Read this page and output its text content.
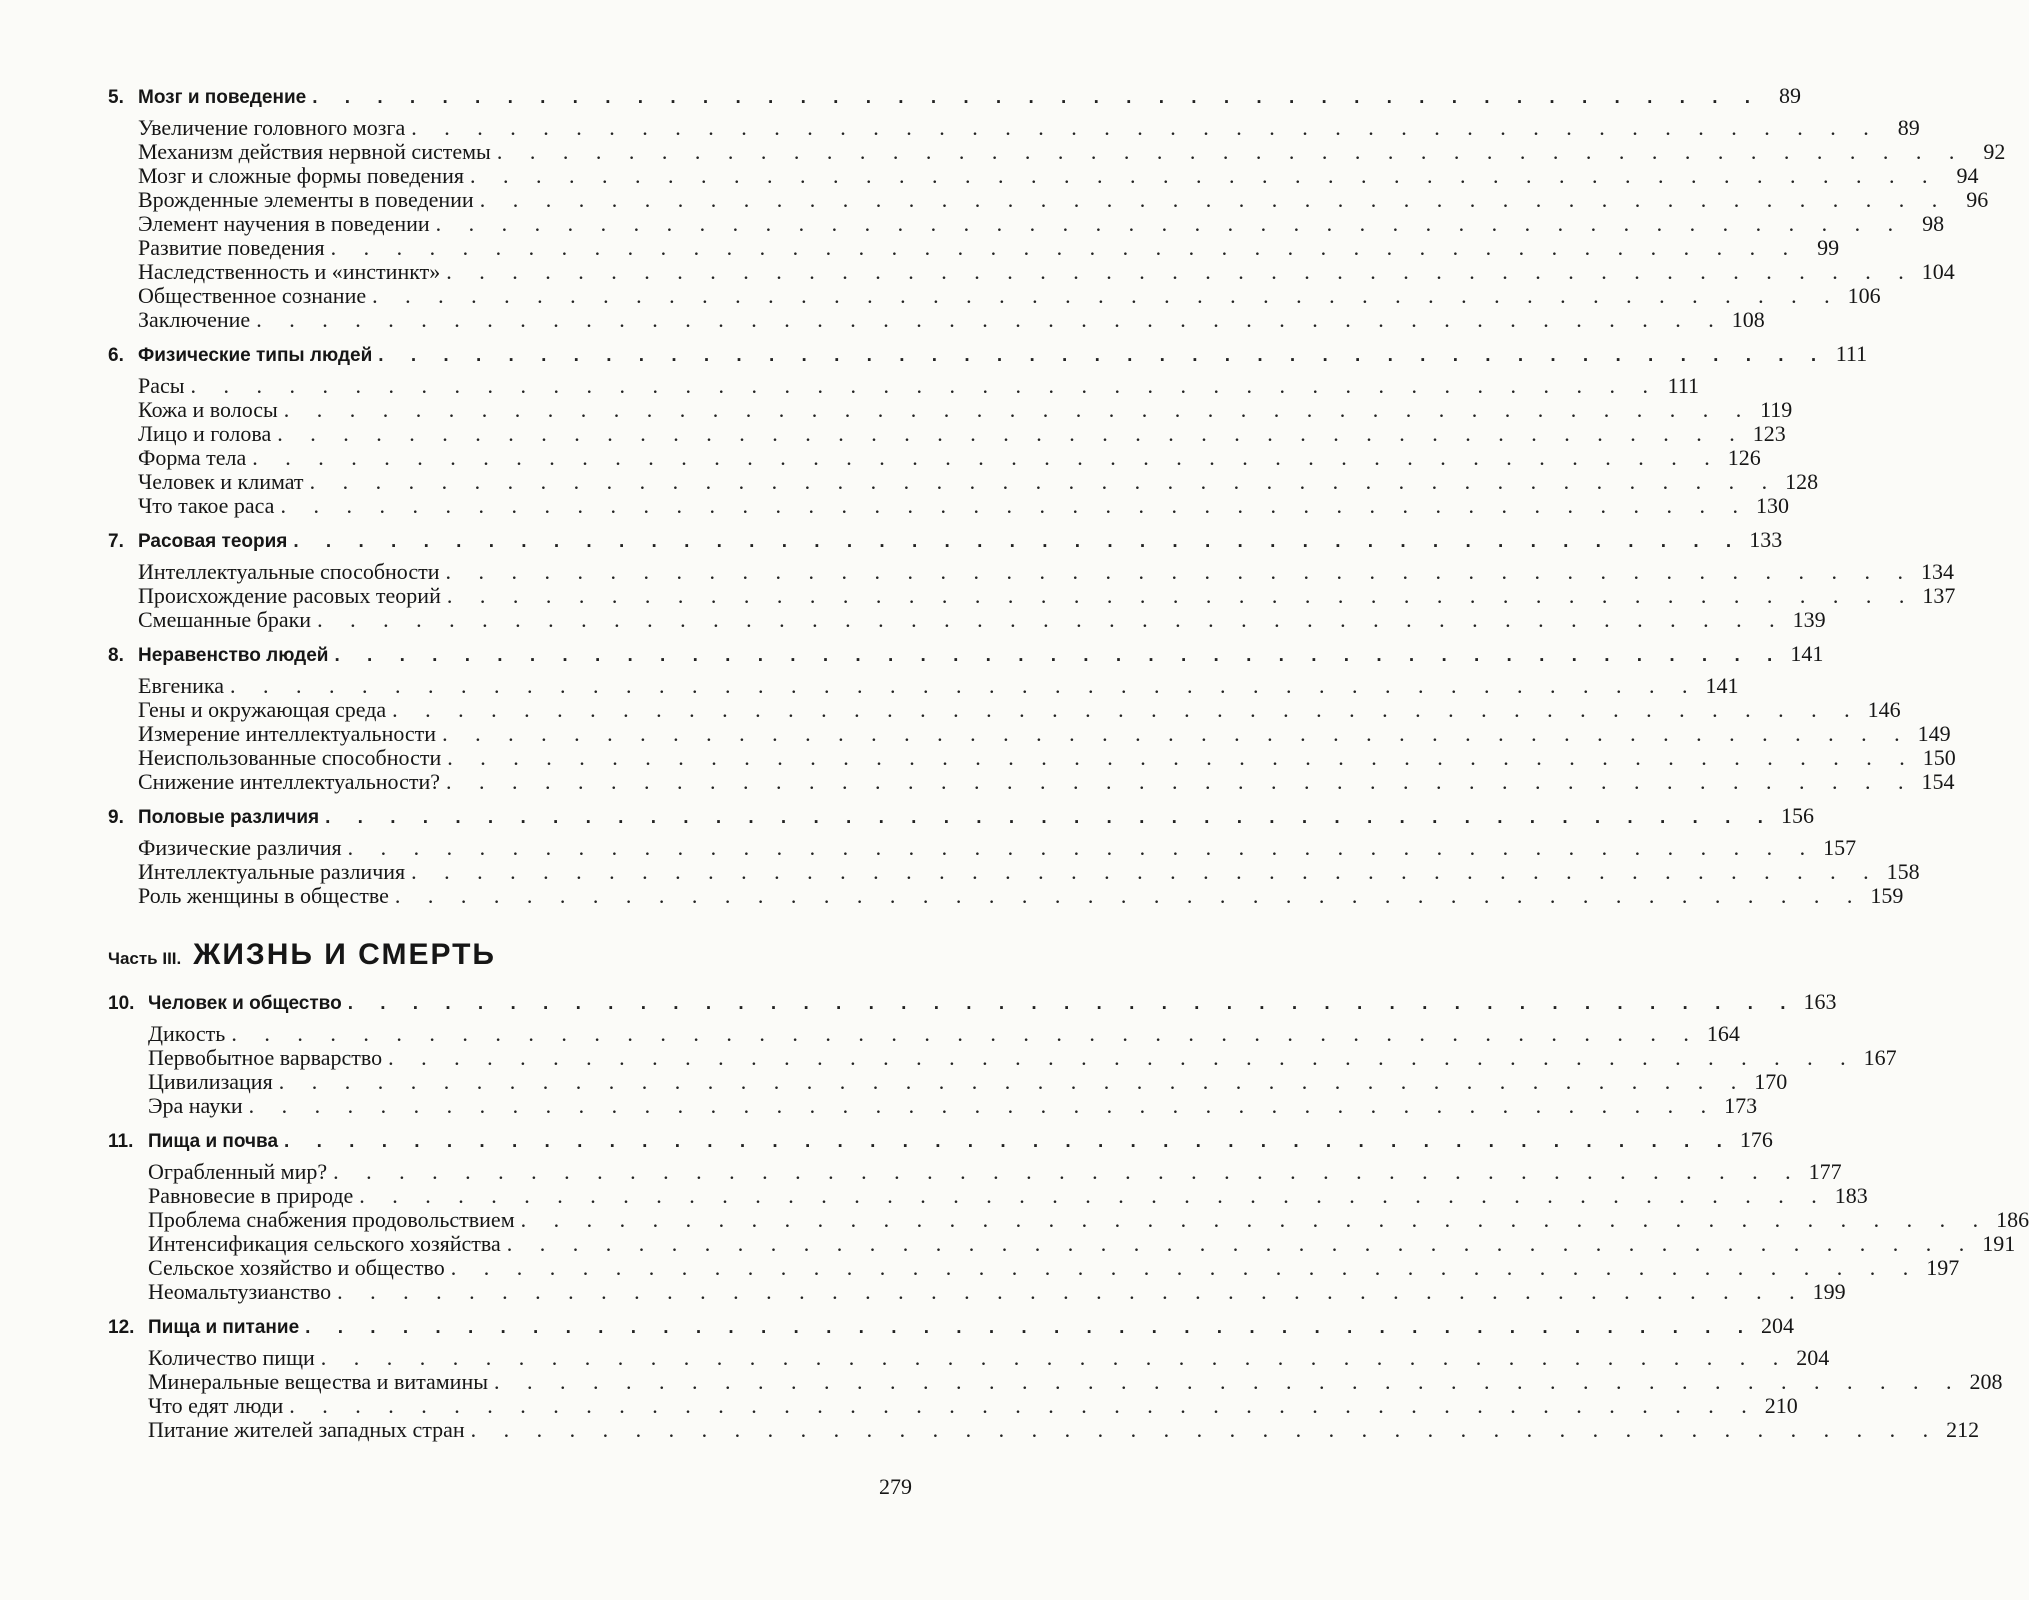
5. Мозг и поведение . . . . . . . . . . . . . . . . . . . . . . . . . . . . . . . . . . . . . . . . . . . . . 89
Увеличение головного мозга . . . . . . . . . . . . . . . . . . . . . . . . . . . . . . . . . . . . . . . . . . . . . 89
Механизм действия нервной системы . . . . . . . . . . . . . . . . . . . . . . . . . . . . . . . . . . . . . . . . . . . . . 92
Мозг и сложные формы поведения . . . . . . . . . . . . . . . . . . . . . . . . . . . . . . . . . . . . . . . . . . . . . 94
Врожденные элементы в поведении . . . . . . . . . . . . . . . . . . . . . . . . . . . . . . . . . . . . . . . . . . . . . 96
Элемент научения в поведении . . . . . . . . . . . . . . . . . . . . . . . . . . . . . . . . . . . . . . . . . . . . . 98
Развитие поведения . . . . . . . . . . . . . . . . . . . . . . . . . . . . . . . . . . . . . . . . . . . . . 99
Наследственность и «инстинкт» . . . . . . . . . . . . . . . . . . . . . . . . . . . . . . . . . . . . . . . . . . . . . 104
Общественное сознание . . . . . . . . . . . . . . . . . . . . . . . . . . . . . . . . . . . . . . . . . . . . . 106
Заключение . . . . . . . . . . . . . . . . . . . . . . . . . . . . . . . . . . . . . . . . . . . . . 108
6. Физические типы людей . . . . . . . . . . . . . . . . . . . . . . . . . . . . . . . . . . . . . . . . . . . . . 111
Расы . . . . . . . . . . . . . . . . . . . . . . . . . . . . . . . . . . . . . . . . . . . . . 111
Кожа и волосы . . . . . . . . . . . . . . . . . . . . . . . . . . . . . . . . . . . . . . . . . . . . . 119
Лицо и голова . . . . . . . . . . . . . . . . . . . . . . . . . . . . . . . . . . . . . . . . . . . . . 123
Форма тела . . . . . . . . . . . . . . . . . . . . . . . . . . . . . . . . . . . . . . . . . . . . . 126
Человек и климат . . . . . . . . . . . . . . . . . . . . . . . . . . . . . . . . . . . . . . . . . . . . . 128
Что такое раса . . . . . . . . . . . . . . . . . . . . . . . . . . . . . . . . . . . . . . . . . . . . . 130
7. Расовая теория . . . . . . . . . . . . . . . . . . . . . . . . . . . . . . . . . . . . . . . . . . . . . 133
Интеллектуальные способности . . . . . . . . . . . . . . . . . . . . . . . . . . . . . . . . . . . . . . . . . . . . . 134
Происхождение расовых теорий . . . . . . . . . . . . . . . . . . . . . . . . . . . . . . . . . . . . . . . . . . . . . 137
Смешанные браки . . . . . . . . . . . . . . . . . . . . . . . . . . . . . . . . . . . . . . . . . . . . . 139
8. Неравенство людей . . . . . . . . . . . . . . . . . . . . . . . . . . . . . . . . . . . . . . . . . . . . . 141
Евгеника . . . . . . . . . . . . . . . . . . . . . . . . . . . . . . . . . . . . . . . . . . . . . 141
Гены и окружающая среда . . . . . . . . . . . . . . . . . . . . . . . . . . . . . . . . . . . . . . . . . . . . . 146
Измерение интеллектуальности . . . . . . . . . . . . . . . . . . . . . . . . . . . . . . . . . . . . . . . . . . . . . 149
Неиспользованные способности . . . . . . . . . . . . . . . . . . . . . . . . . . . . . . . . . . . . . . . . . . . . . 150
Снижение интеллектуальности? . . . . . . . . . . . . . . . . . . . . . . . . . . . . . . . . . . . . . . . . . . . . . 154
9. Половые различия . . . . . . . . . . . . . . . . . . . . . . . . . . . . . . . . . . . . . . . . . . . . . 156
Физические различия . . . . . . . . . . . . . . . . . . . . . . . . . . . . . . . . . . . . . . . . . . . . . 157
Интеллектуальные различия . . . . . . . . . . . . . . . . . . . . . . . . . . . . . . . . . . . . . . . . . . . . . 158
Роль женщины в обществе . . . . . . . . . . . . . . . . . . . . . . . . . . . . . . . . . . . . . . . . . . . . . 159
Часть III. ЖИЗНЬ И СМЕРТЬ
10. Человек и общество . . . . . . . . . . . . . . . . . . . . . . . . . . . . . . . . . . . . . . . . . . . . . 163
Дикость . . . . . . . . . . . . . . . . . . . . . . . . . . . . . . . . . . . . . . . . . . . . . 164
Первобытное варварство . . . . . . . . . . . . . . . . . . . . . . . . . . . . . . . . . . . . . . . . . . . . . 167
Цивилизация . . . . . . . . . . . . . . . . . . . . . . . . . . . . . . . . . . . . . . . . . . . . . 170
Эра науки . . . . . . . . . . . . . . . . . . . . . . . . . . . . . . . . . . . . . . . . . . . . . 173
11. Пища и почва . . . . . . . . . . . . . . . . . . . . . . . . . . . . . . . . . . . . . . . . . . . . . 176
Ограбленный мир? . . . . . . . . . . . . . . . . . . . . . . . . . . . . . . . . . . . . . . . . . . . . . 177
Равновесие в природе . . . . . . . . . . . . . . . . . . . . . . . . . . . . . . . . . . . . . . . . . . . . . 183
Проблема снабжения продовольствием . . . . . . . . . . . . . . . . . . . . . . . . . . . . . . . . . . . . . . . . . . . . . 186
Интенсификация сельского хозяйства . . . . . . . . . . . . . . . . . . . . . . . . . . . . . . . . . . . . . . . . . . . . . 191
Сельское хозяйство и общество . . . . . . . . . . . . . . . . . . . . . . . . . . . . . . . . . . . . . . . . . . . . . 197
Неомальтузианство . . . . . . . . . . . . . . . . . . . . . . . . . . . . . . . . . . . . . . . . . . . . . 199
12. Пища и питание . . . . . . . . . . . . . . . . . . . . . . . . . . . . . . . . . . . . . . . . . . . . . 204
Количество пищи . . . . . . . . . . . . . . . . . . . . . . . . . . . . . . . . . . . . . . . . . . . . . 204
Минеральные вещества и витамины . . . . . . . . . . . . . . . . . . . . . . . . . . . . . . . . . . . . . . . . . . . . . 208
Что едят люди . . . . . . . . . . . . . . . . . . . . . . . . . . . . . . . . . . . . . . . . . . . . . 210
Питание жителей западных стран . . . . . . . . . . . . . . . . . . . . . . . . . . . . . . . . . . . . . . . . . . . . . 212
279
